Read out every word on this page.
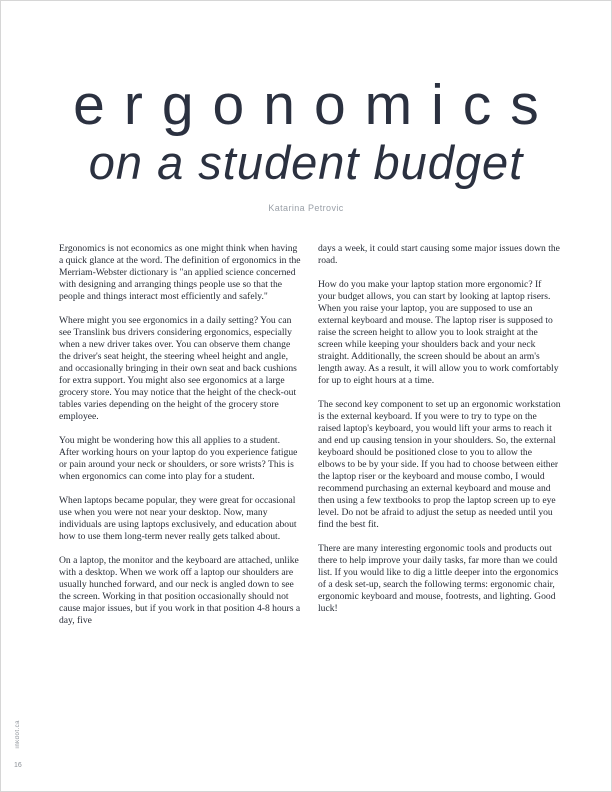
ergonomics
on a student budget
Katarina Petrovic

Ergonomics is not economics as one might think when having a quick glance at the word. The definition of ergonomics in the Merriam-Webster dictionary is "an applied science concerned with designing and arranging things people use so that the people and things interact most efficiently and safely."

Where might you see ergonomics in a daily setting? You can see Translink bus drivers considering ergonomics, especially when a new driver takes over. You can observe them change the driver's seat height, the steering wheel height and angle, and occasionally bringing in their own seat and back cushions for extra support. You might also see ergonomics at a large grocery store. You may notice that the height of the check-out tables varies depending on the height of the grocery store employee.

You might be wondering how this all applies to a student. After working hours on your laptop do you experience fatigue or pain around your neck or shoulders, or sore wrists? This is when ergonomics can come into play for a student.

When laptops became popular, they were great for occasional use when you were not near your desktop. Now, many individuals are using laptops exclusively, and education about how to use them long-term never really gets talked about.

On a laptop, the monitor and the keyboard are attached, unlike with a desktop. When we work off a laptop our shoulders are usually hunched forward, and our neck is angled down to see the screen. Working in that position occasionally should not cause major issues, but if you work in that position 4-8 hours a day, five

days a week, it could start causing some major issues down the road.

How do you make your laptop station more ergonomic? If your budget allows, you can start by looking at laptop risers. When you raise your laptop, you are supposed to use an external keyboard and mouse. The laptop riser is supposed to raise the screen height to allow you to look straight at the screen while keeping your shoulders back and your neck straight. Additionally, the screen should be about an arm's length away. As a result, it will allow you to work comfortably for up to eight hours at a time.

The second key component to set up an ergonomic workstation is the external keyboard. If you were to try to type on the raised laptop's keyboard, you would lift your arms to reach it and end up causing tension in your shoulders. So, the external keyboard should be positioned close to you to allow the elbows to be by your side. If you had to choose between either the laptop riser or the keyboard and mouse combo, I would recommend purchasing an external keyboard and mouse and then using a few textbooks to prop the laptop screen up to eye level. Do not be afraid to adjust the setup as needed until you find the best fit.

There are many interesting ergonomic tools and products out there to help improve your daily tasks, far more than we could list. If you would like to dig a little deeper into the ergonomics of a desk set-up, search the following terms: ergonomic chair, ergonomic keyboard and mouse, footrests, and lighting. Good luck!

inkdot.ca
16
